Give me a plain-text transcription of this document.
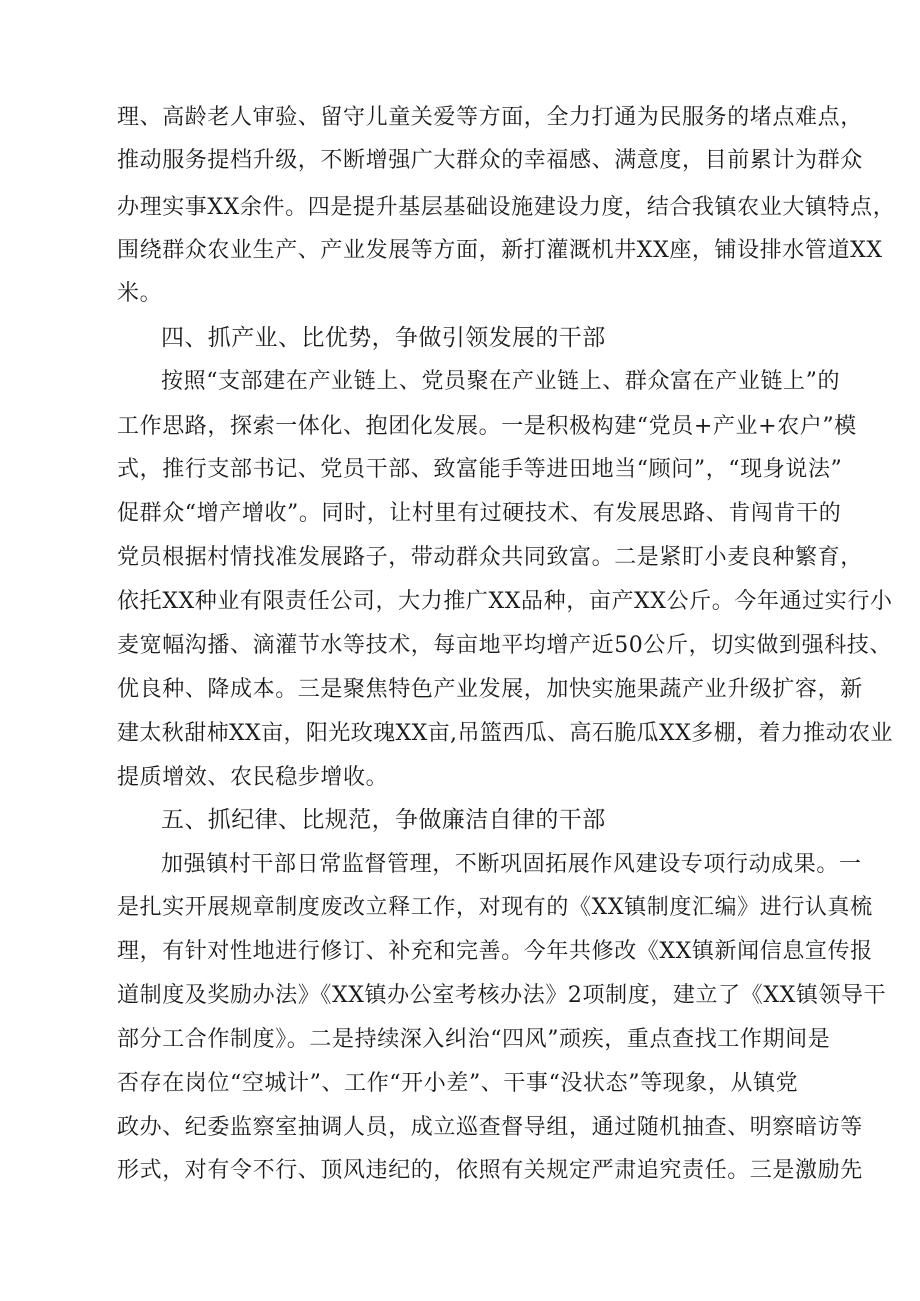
理、高龄老人审验、留守儿童关爱等方面，全力打通为民服务的堵点难点，
推动服务提档升级，不断增强广大群众的幸福感、满意度，目前累计为群众
办理实事XX余件。四是提升基层基础设施建设力度，结合我镇农业大镇特点，
围绕群众农业生产、产业发展等方面，新打灌溉机井XX座，铺设排水管道XX
米。
四、抓产业、比优势，争做引领发展的干部
按照“支部建在产业链上、党员聚在产业链上、群众富在产业链上”的
工作思路，探索一体化、抱团化发展。一是积极构建“党员+产业+农户”模
式，推行支部书记、党员干部、致富能手等进田地当“顾问”，“现身说法”
促群众“增产增收”。同时，让村里有过硬技术、有发展思路、肯闯肯干的
党员根据村情找准发展路子，带动群众共同致富。二是紧盯小麦良种繁育，
依托XX种业有限责任公司，大力推广XX品种，亩产XX公斤。今年通过实行小
麦宽幅沟播、滴灌节水等技术，每亩地平均增产近50公斤，切实做到强科技、
优良种、降成本。三是聚焦特色产业发展，加快实施果蔬产业升级扩容，新
建太秋甜柿XX亩，阳光玫瑰XX亩,吊篮西瓜、高石脆瓜XX多棚，着力推动农业
提质增效、农民稳步增收。
五、抓纪律、比规范，争做廉洁自律的干部
加强镇村干部日常监督管理，不断巩固拓展作风建设专项行动成果。一
是扎实开展规章制度废改立释工作，对现有的《XX镇制度汇编》进行认真梳
理，有针对性地进行修订、补充和完善。今年共修改《XX镇新闻信息宣传报
道制度及奖励办法》《XX镇办公室考核办法》2项制度，建立了《XX镇领导干
部分工合作制度》。二是持续深入纠治“四风”顽疾，重点查找工作期间是
否存在岗位“空城计”、工作“开小差”、干事“没状态”等现象，从镇党
政办、纪委监察室抽调人员，成立巡查督导组，通过随机抽查、明察暗访等
形式，对有令不行、顶风违纪的，依照有关规定严肃追究责任。三是激励先
